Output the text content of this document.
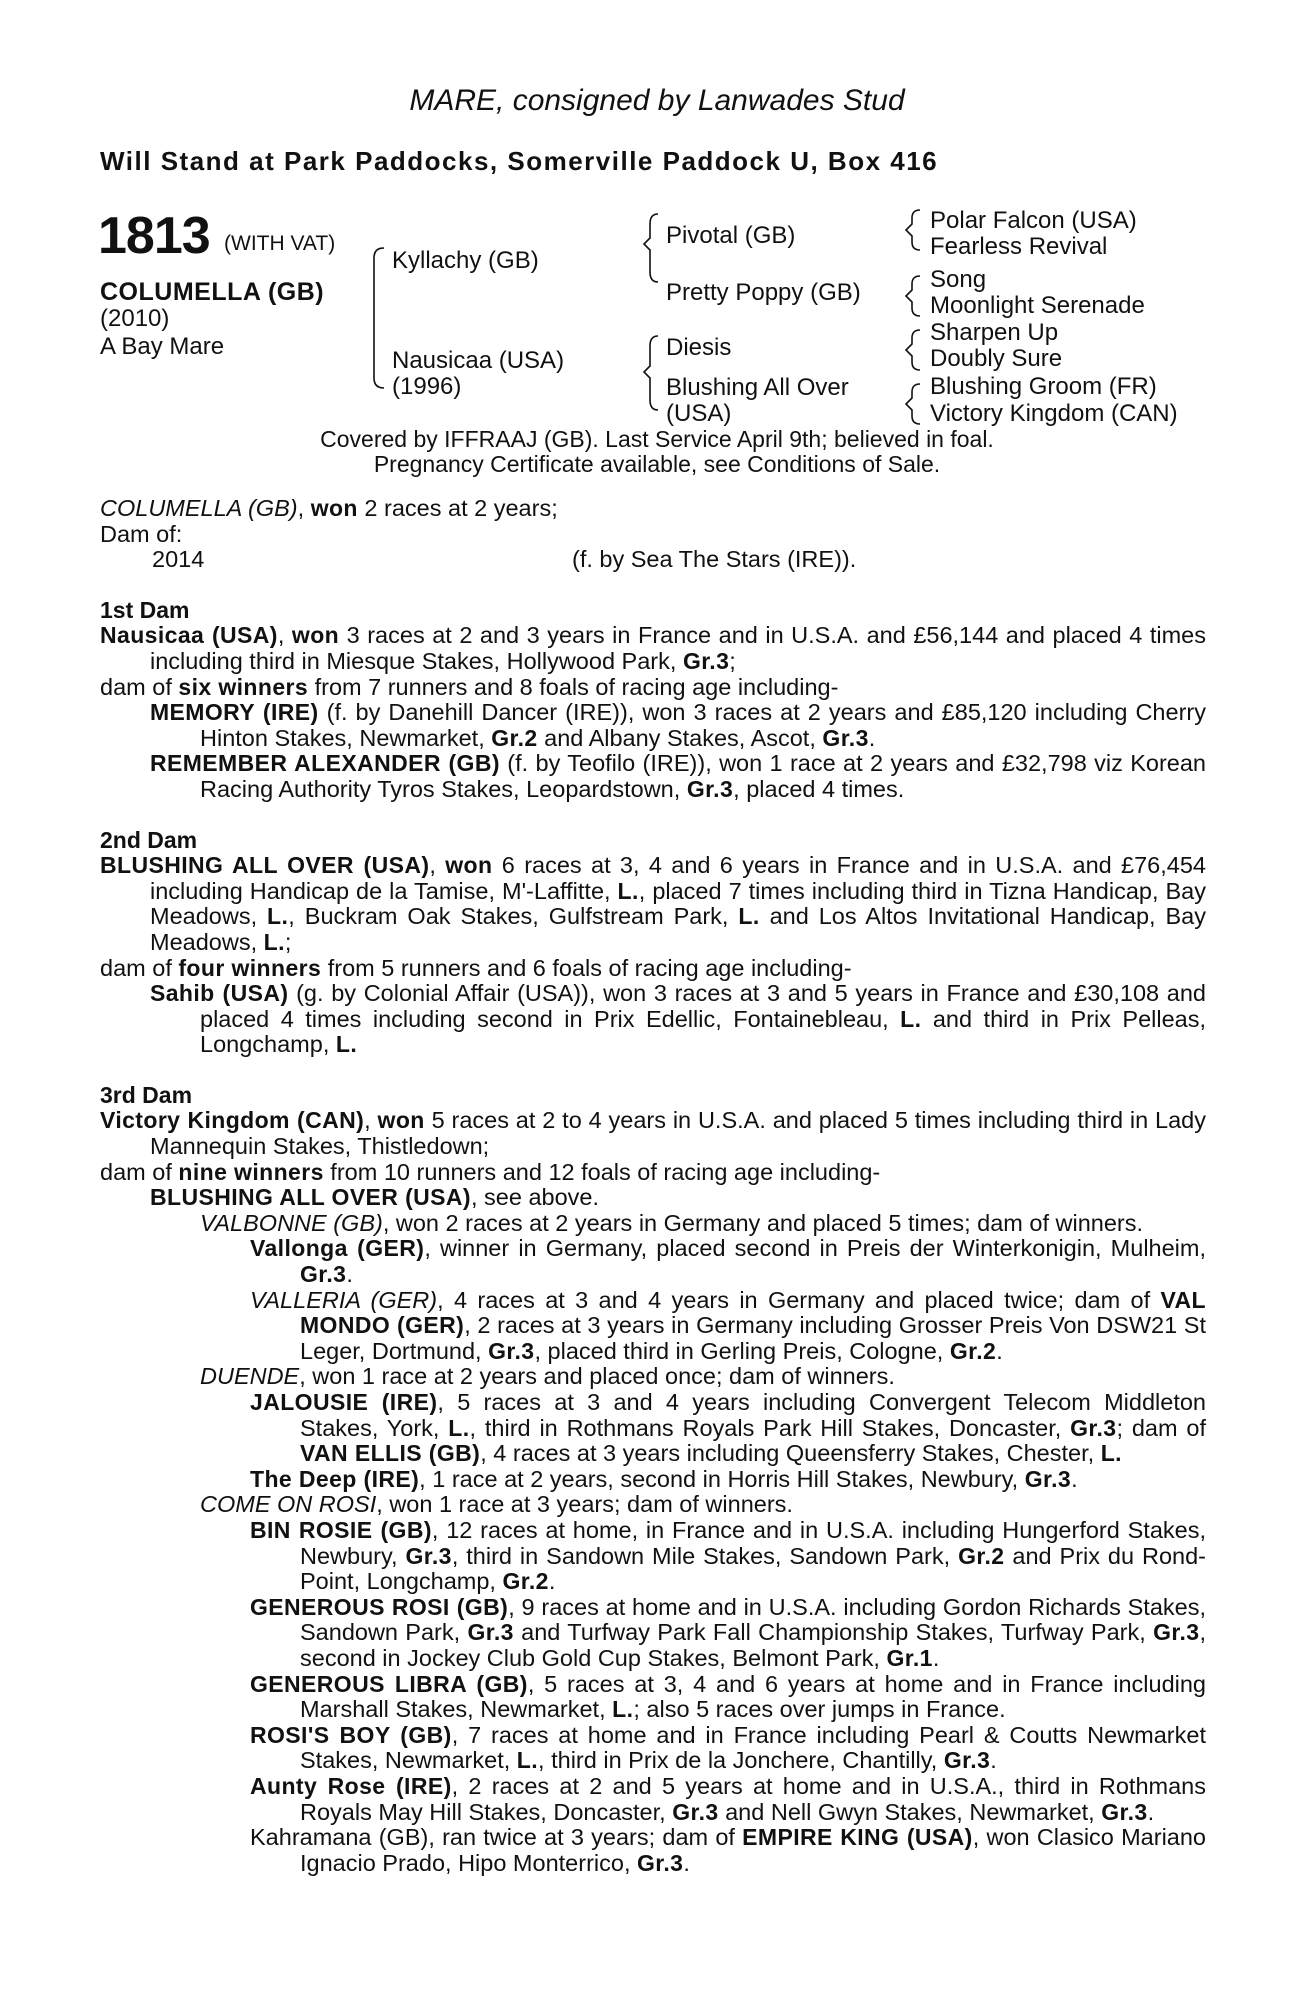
MARE, consigned by Lanwades Stud
Will Stand at Park Paddocks, Somerville Paddock U, Box 416
1813 (WITH VAT)
COLUMELLA (GB)
(2010)
A Bay Mare
Kyllachy (GB)
Nausicaa (USA)
(1996)
Pivotal (GB)
Pretty Poppy (GB)
Diesis
Blushing All Over
(USA)
Polar Falcon (USA)
Fearless Revival
Song
Moonlight Serenade
Sharpen Up
Doubly Sure
Blushing Groom (FR)
Victory Kingdom (CAN)
Covered by IFFRAAJ (GB). Last Service April 9th; believed in foal.
Pregnancy Certificate available, see Conditions of Sale.

COLUMELLA (GB), won 2 races at 2 years;

Dam of:

2014	(f. by Sea The Stars (IRE)).

1st Dam

Nausicaa (USA), won 3 races at 2 and 3 years in France and in U.S.A. and £56,144 and placed 4 times including third in Miesque Stakes, Hollywood Park, Gr.3;

dam of six winners from 7 runners and 8 foals of racing age including-

MEMORY (IRE) (f. by Danehill Dancer (IRE)), won 3 races at 2 years and £85,120 including Cherry Hinton Stakes, Newmarket, Gr.2 and Albany Stakes, Ascot, Gr.3.

REMEMBER ALEXANDER (GB) (f. by Teofilo (IRE)), won 1 race at 2 years and £32,798 viz Korean Racing Authority Tyros Stakes, Leopardstown, Gr.3, placed 4 times.

2nd Dam

BLUSHING ALL OVER (USA), won 6 races at 3, 4 and 6 years in France and in U.S.A. and £76,454 including Handicap de la Tamise, M'-Laffitte, L., placed 7 times including third in Tizna Handicap, Bay Meadows, L., Buckram Oak Stakes, Gulfstream Park, L. and Los Altos Invitational Handicap, Bay Meadows, L.;

dam of four winners from 5 runners and 6 foals of racing age including-

Sahib (USA) (g. by Colonial Affair (USA)), won 3 races at 3 and 5 years in France and £30,108 and placed 4 times including second in Prix Edellic, Fontainebleau, L. and third in Prix Pelleas, Longchamp, L.

3rd Dam

Victory Kingdom (CAN), won 5 races at 2 to 4 years in U.S.A. and placed 5 times including third in Lady Mannequin Stakes, Thistledown;

dam of nine winners from 10 runners and 12 foals of racing age including-

BLUSHING ALL OVER (USA), see above.

VALBONNE (GB), won 2 races at 2 years in Germany and placed 5 times; dam of winners.

Vallonga (GER), winner in Germany, placed second in Preis der Winterkonigin, Mulheim, Gr.3.

VALLERIA (GER), 4 races at 3 and 4 years in Germany and placed twice; dam of VAL MONDO (GER), 2 races at 3 years in Germany including Grosser Preis Von DSW21 St Leger, Dortmund, Gr.3, placed third in Gerling Preis, Cologne, Gr.2.

DUENDE, won 1 race at 2 years and placed once; dam of winners.

JALOUSIE (IRE), 5 races at 3 and 4 years including Convergent Telecom Middleton Stakes, York, L., third in Rothmans Royals Park Hill Stakes, Doncaster, Gr.3; dam of VAN ELLIS (GB), 4 races at 3 years including Queensferry Stakes, Chester, L.

The Deep (IRE), 1 race at 2 years, second in Horris Hill Stakes, Newbury, Gr.3.

COME ON ROSI, won 1 race at 3 years; dam of winners.

BIN ROSIE (GB), 12 races at home, in France and in U.S.A. including Hungerford Stakes, Newbury, Gr.3, third in Sandown Mile Stakes, Sandown Park, Gr.2 and Prix du Rond-Point, Longchamp, Gr.2.

GENEROUS ROSI (GB), 9 races at home and in U.S.A. including Gordon Richards Stakes, Sandown Park, Gr.3 and Turfway Park Fall Championship Stakes, Turfway Park, Gr.3, second in Jockey Club Gold Cup Stakes, Belmont Park, Gr.1.

GENEROUS LIBRA (GB), 5 races at 3, 4 and 6 years at home and in France including Marshall Stakes, Newmarket, L.; also 5 races over jumps in France.

ROSI'S BOY (GB), 7 races at home and in France including Pearl & Coutts Newmarket Stakes, Newmarket, L., third in Prix de la Jonchere, Chantilly, Gr.3.

Aunty Rose (IRE), 2 races at 2 and 5 years at home and in U.S.A., third in Rothmans Royals May Hill Stakes, Doncaster, Gr.3 and Nell Gwyn Stakes, Newmarket, Gr.3.

Kahramana (GB), ran twice at 3 years; dam of EMPIRE KING (USA), won Clasico Mariano Ignacio Prado, Hipo Monterrico, Gr.3.
